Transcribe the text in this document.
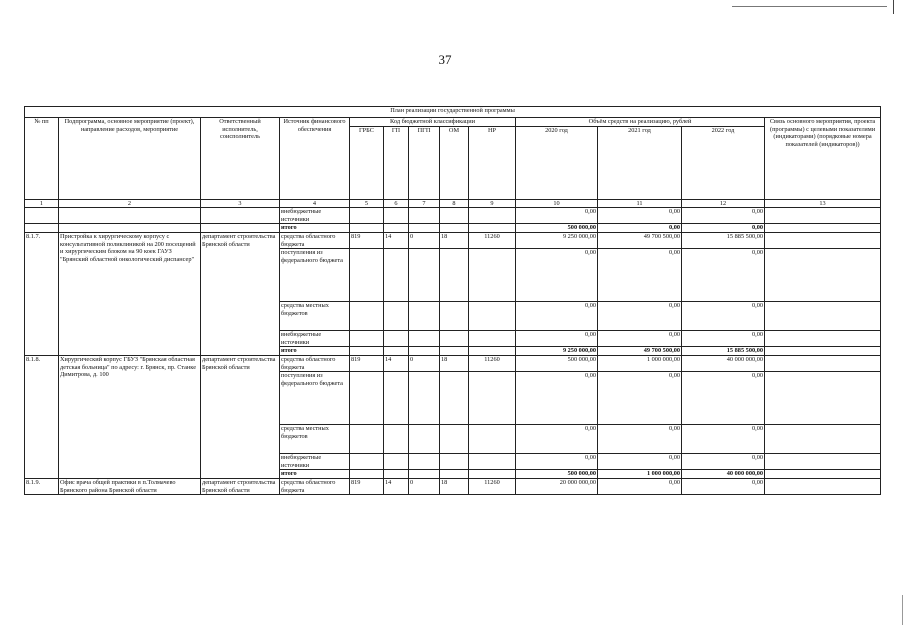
37
План реализации государственной программы												
№ пп	Подпрограмма, основное мероприятие (проект), направление расходов, мероприятие	Ответственный исполнитель, соисполнитель	Источник финансового обеспечения	Код бюджетной классификации					Объём средств на реализацию, рублей			Связь основного мероприятия, проекта (программы) с целевыми показателями (индикаторами) (порядковые номера показателей (индикаторов))
				ГРБС	ГП	ПГП	ОМ	НР	2020 год	2021 год	2022 год	
1	2	3	4	5	6	7	8	9	10	11	12	13
			внебюджетные источники						0,00	0,00	0,00	
			итого						500 000,00	0,00	0,00	
8.1.7.	Пристройка к хирургическому корпусу с консультативной поликлиникой на 200 посещений и хирургическим блоком на 90 коек ГАУЗ "Брянский областной онкологический диспансер"	департамент строительства Брянской области	средства областного бюджета	819	14	0	18	11260	9 250 000,00	49 700 500,00	15 885 500,00	
			поступления из федерального бюджета						0,00	0,00	0,00	
			средства местных бюджетов						0,00	0,00	0,00	
			внебюджетные источники						0,00	0,00	0,00	
			итого						9 250 000,00	49 700 500,00	15 885 500,00	
8.1.8.	Хирургический корпус ГБУЗ "Брянская областная детская больница" по адресу: г. Брянск, пр. Станке Димитрова, д. 100	департамент строительства Брянской области	средства областного бюджета	819	14	0	18	11260	500 000,00	1 000 000,00	40 000 000,00	
			поступления из федерального бюджета						0,00	0,00	0,00	
			средства местных бюджетов						0,00	0,00	0,00	
			внебюджетные источники						0,00	0,00	0,00	
			итого						500 000,00	1 000 000,00	40 000 000,00	
8.1.9.	Офис врача общей практики в п.Толмачево Брянского района Брянской области	департамент строительства Брянской области	средства областного бюджета	819	14	0	18	11260	20 000 000,00	0,00	0,00	
